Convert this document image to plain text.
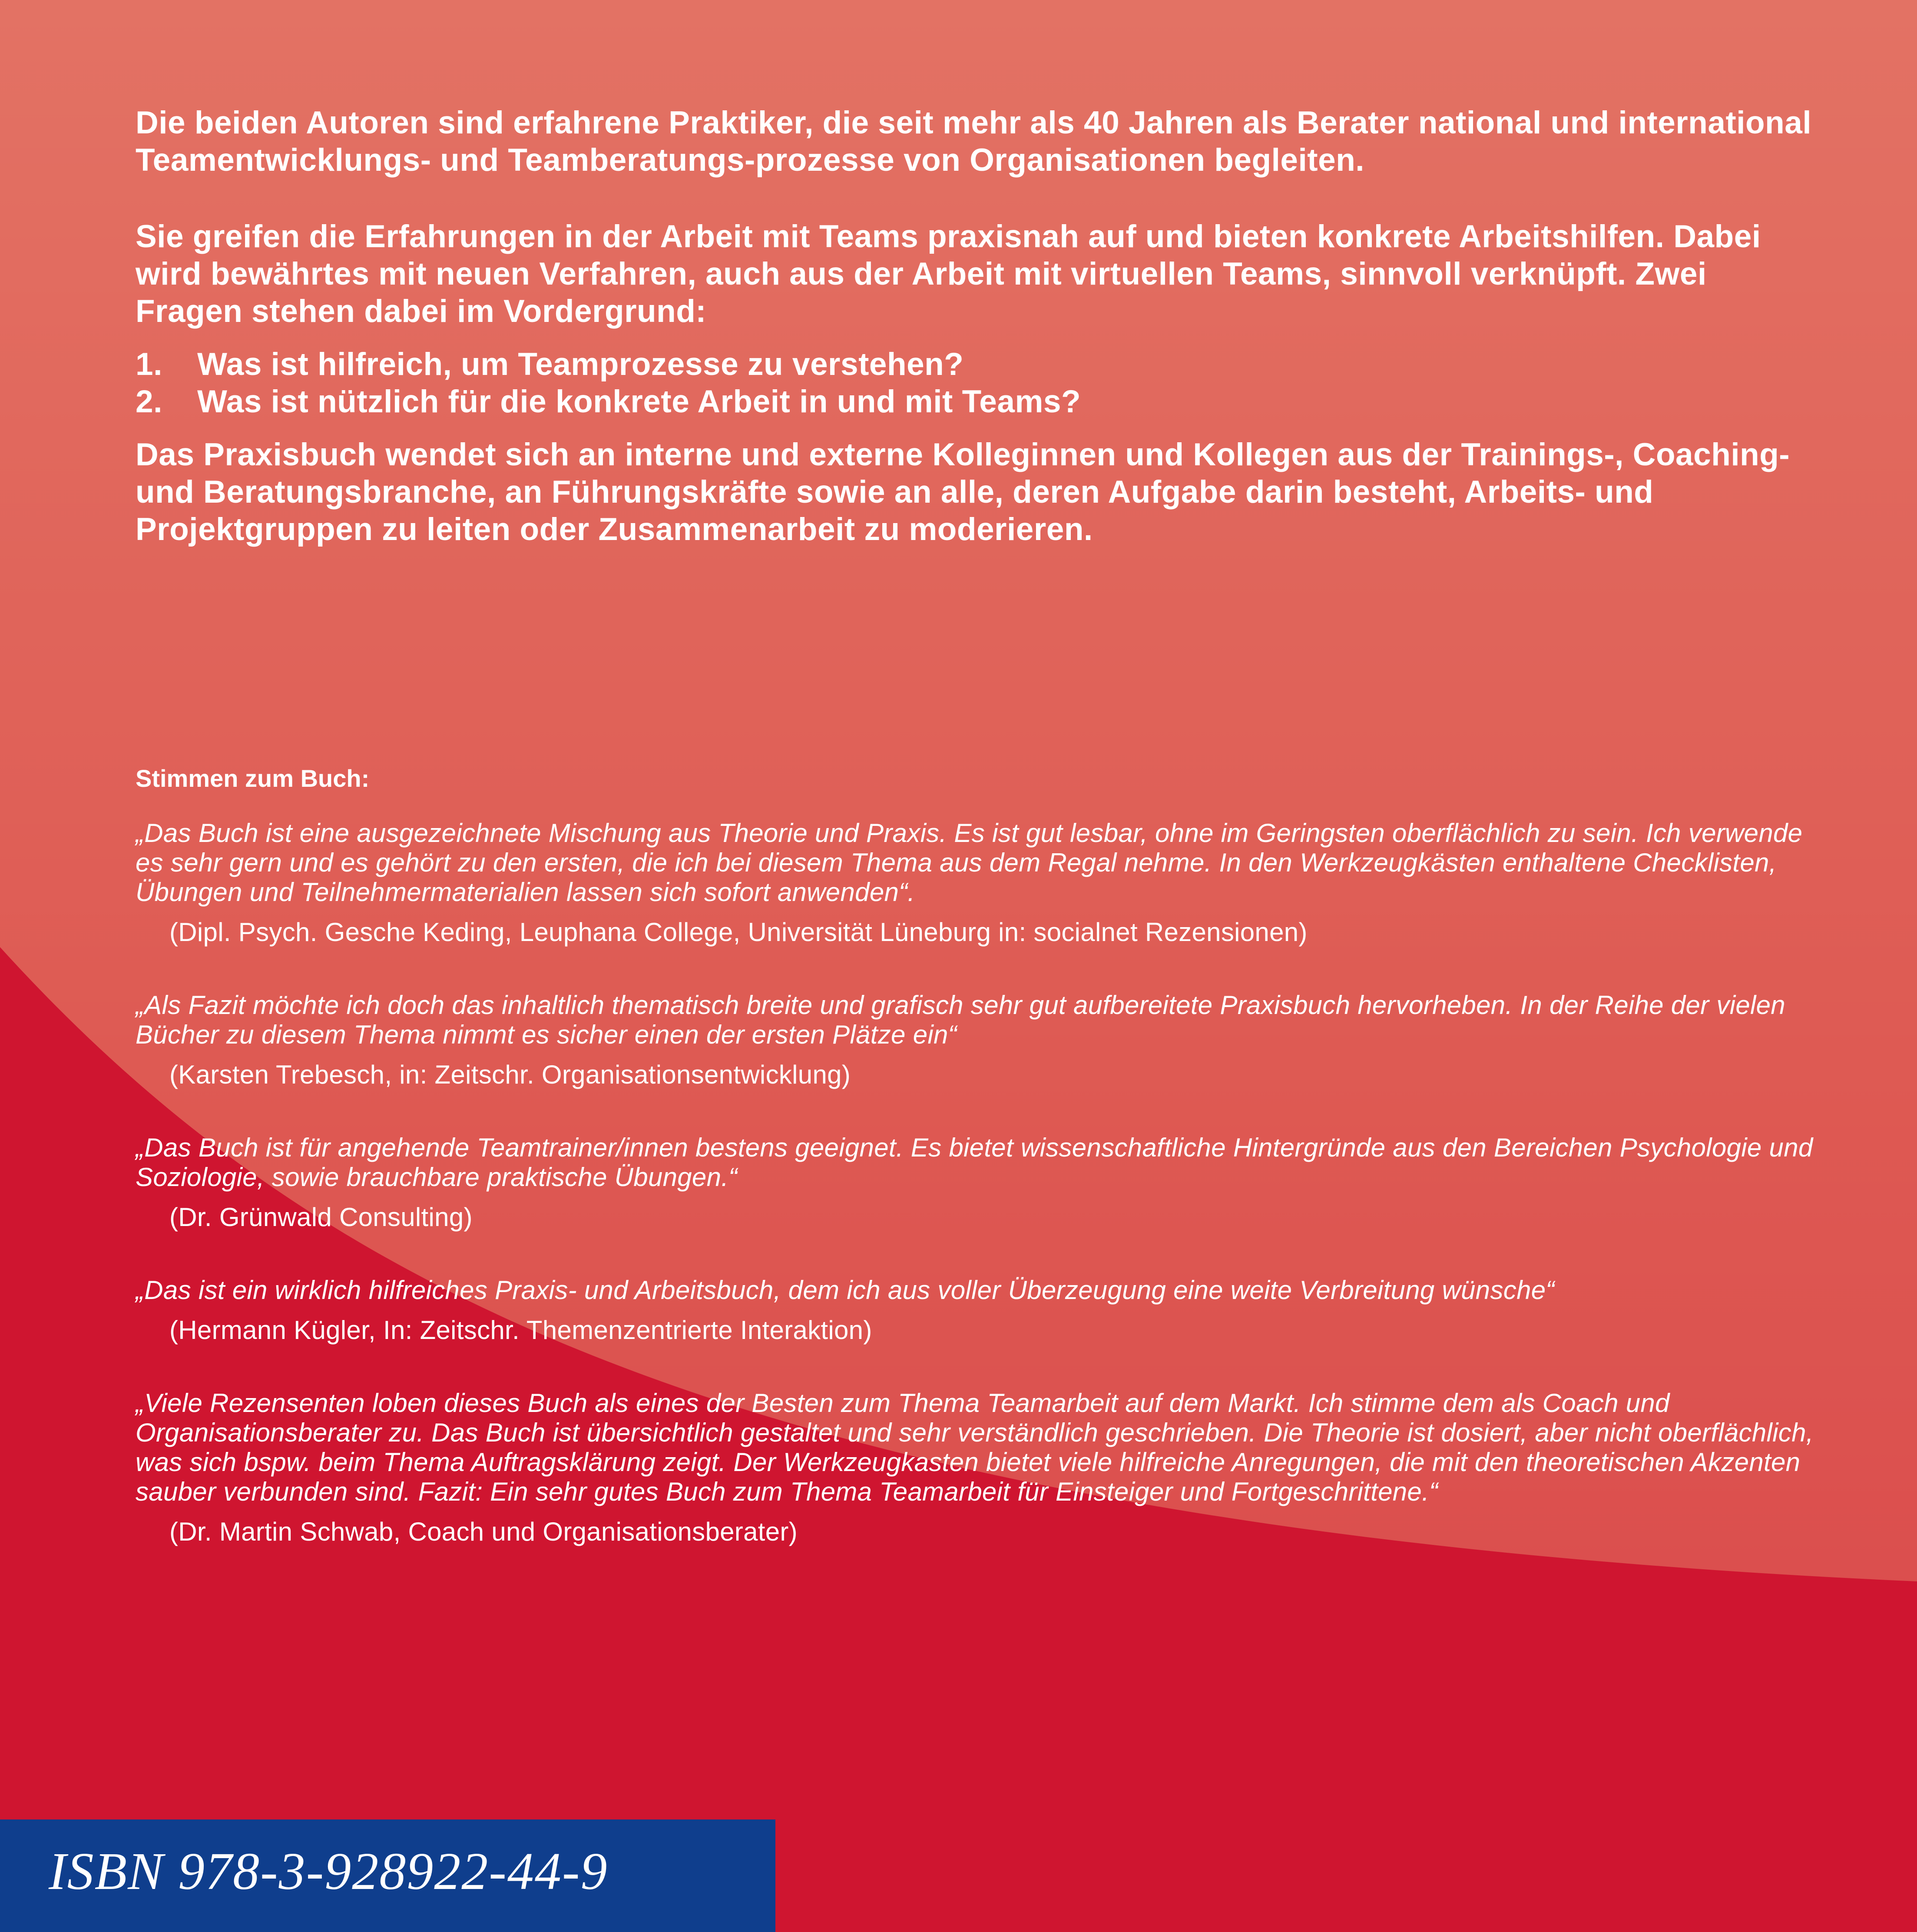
Die beiden Autoren sind erfahrene Praktiker, die seit mehr als 40 Jahren als Berater national und international Teamentwicklungs- und Teamberatungs-prozesse von Organisationen begleiten.

Sie greifen die Erfahrungen in der Arbeit mit Teams praxisnah auf und bieten konkrete Arbeitshilfen. Dabei wird bewährtes mit neuen Verfahren, auch aus der Arbeit mit virtuellen Teams, sinnvoll verknüpft. Zwei Fragen stehen dabei im Vordergrund:

1.	Was ist hilfreich, um Teamprozesse zu verstehen?
2.	Was ist nützlich für die konkrete Arbeit in und mit Teams?

Das Praxisbuch wendet sich an interne und externe Kolleginnen und Kollegen aus der Trainings-, Coaching- und Beratungsbranche, an Führungskräfte sowie an alle, deren Aufgabe darin besteht, Arbeits- und Projektgruppen zu leiten oder Zusammenarbeit zu moderieren.

Stimmen zum Buch:

„Das Buch ist eine ausgezeichnete Mischung aus Theorie und Praxis. Es ist gut lesbar, ohne im Geringsten oberflächlich zu sein. Ich verwende es sehr gern und es gehört zu den ersten, die ich bei diesem Thema aus dem Regal nehme. In den Werkzeugkästen enthaltene Checklisten, Übungen und Teilnehmermaterialien lassen sich sofort anwenden“.

(Dipl. Psych. Gesche Keding, Leuphana College, Universität Lüneburg in: socialnet Rezensionen)

„Als Fazit möchte ich doch das inhaltlich thematisch breite und grafisch sehr gut aufbereitete Praxisbuch hervorheben. In der Reihe der vielen Bücher zu diesem Thema nimmt es sicher einen der ersten Plätze ein“

(Karsten Trebesch, in: Zeitschr. Organisationsentwicklung)

„Das Buch ist für angehende Teamtrainer/innen bestens geeignet. Es bietet wissenschaftliche Hintergründe aus den Bereichen Psychologie und Soziologie, sowie brauchbare praktische Übungen.“

(Dr. Grünwald Consulting)

„Das ist ein wirklich hilfreiches Praxis- und Arbeitsbuch, dem ich aus voller Überzeugung eine weite Verbreitung wünsche“

(Hermann Kügler, In: Zeitschr. Themenzentrierte Interaktion)

„Viele Rezensenten loben dieses Buch als eines der Besten zum Thema Teamarbeit auf dem Markt. Ich stimme dem als Coach und Organisationsberater zu. Das Buch ist übersichtlich gestaltet und sehr verständlich geschrieben. Die Theorie ist dosiert, aber nicht oberflächlich, was sich bspw. beim Thema Auftragsklärung zeigt. Der Werkzeugkasten bietet viele hilfreiche Anregungen, die mit den theoretischen Akzenten sauber verbunden sind. Fazit: Ein sehr gutes Buch zum Thema Teamarbeit für Einsteiger und Fortgeschrittene.“

(Dr. Martin Schwab, Coach und Organisationsberater)

ISBN 978-3-928922-44-9
